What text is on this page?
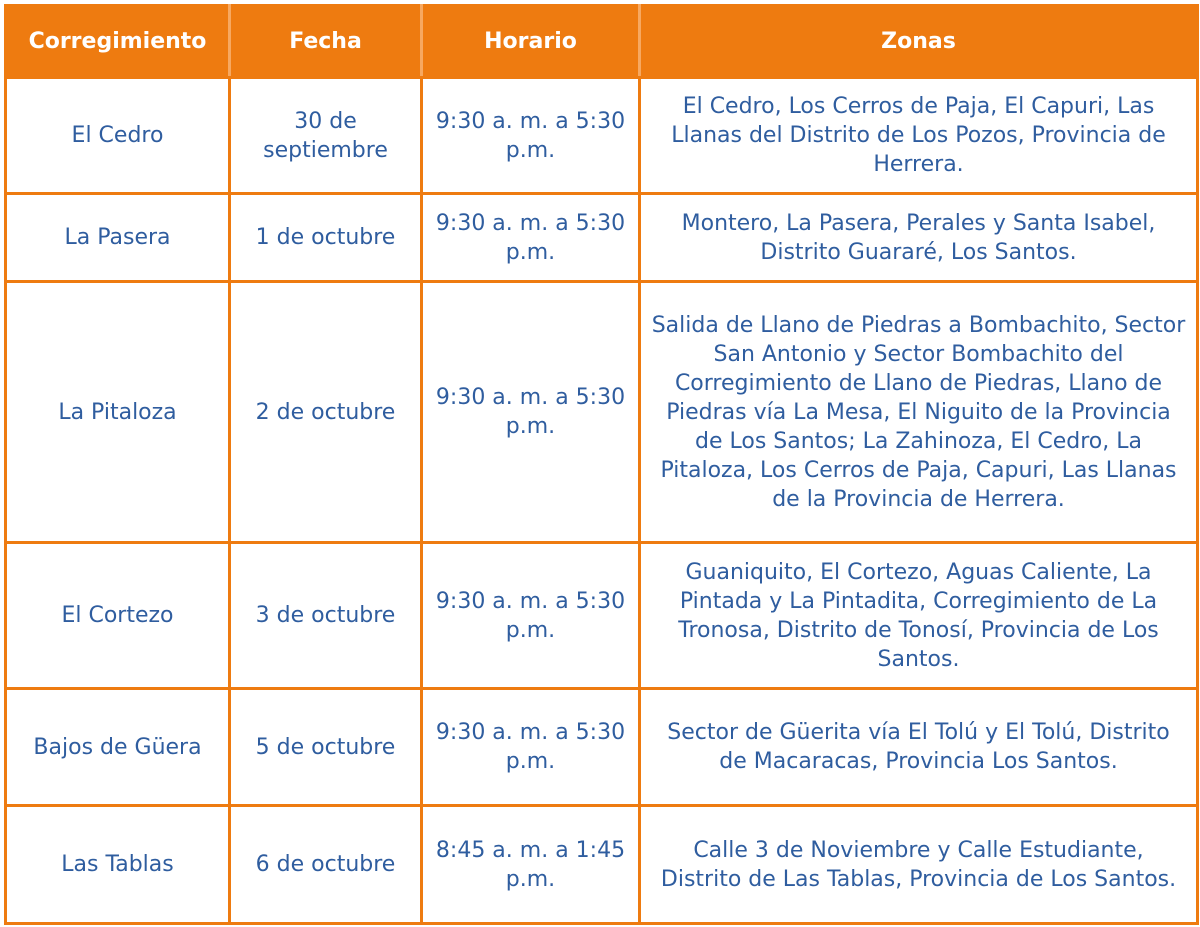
Corregimiento	Fecha	Horario	Zonas
El Cedro	30 de septiembre	9:30 a. m. a 5:30 p.m.	El Cedro, Los Cerros de Paja, El Capuri, Las Llanas del Distrito de Los Pozos, Provincia de Herrera.
La Pasera	1 de octubre	9:30 a. m. a 5:30 p.m.	Montero, La Pasera, Perales y Santa Isabel, Distrito Guararé, Los Santos.
La Pitaloza	2 de octubre	9:30 a. m. a 5:30 p.m.	Salida de Llano de Piedras a Bombachito, Sector San Antonio y Sector Bombachito del Corregimiento de Llano de Piedras, Llano de Piedras vía La Mesa, El Niguito de la Provincia de Los Santos; La Zahinoza, El Cedro, La Pitaloza, Los Cerros de Paja, Capuri, Las Llanas de la Provincia de Herrera.
El Cortezo	3 de octubre	9:30 a. m. a 5:30 p.m.	Guaniquito, El Cortezo, Aguas Caliente, La Pintada y La Pintadita, Corregimiento de La Tronosa, Distrito de Tonosí, Provincia de Los Santos.
Bajos de Güera	5 de octubre	9:30 a. m. a 5:30 p.m.	Sector de Güerita vía El Tolú y El Tolú, Distrito de Macaracas, Provincia Los Santos.
Las Tablas	6 de octubre	8:45 a. m. a 1:45 p.m.	Calle 3 de Noviembre y Calle Estudiante, Distrito de Las Tablas, Provincia de Los Santos.
